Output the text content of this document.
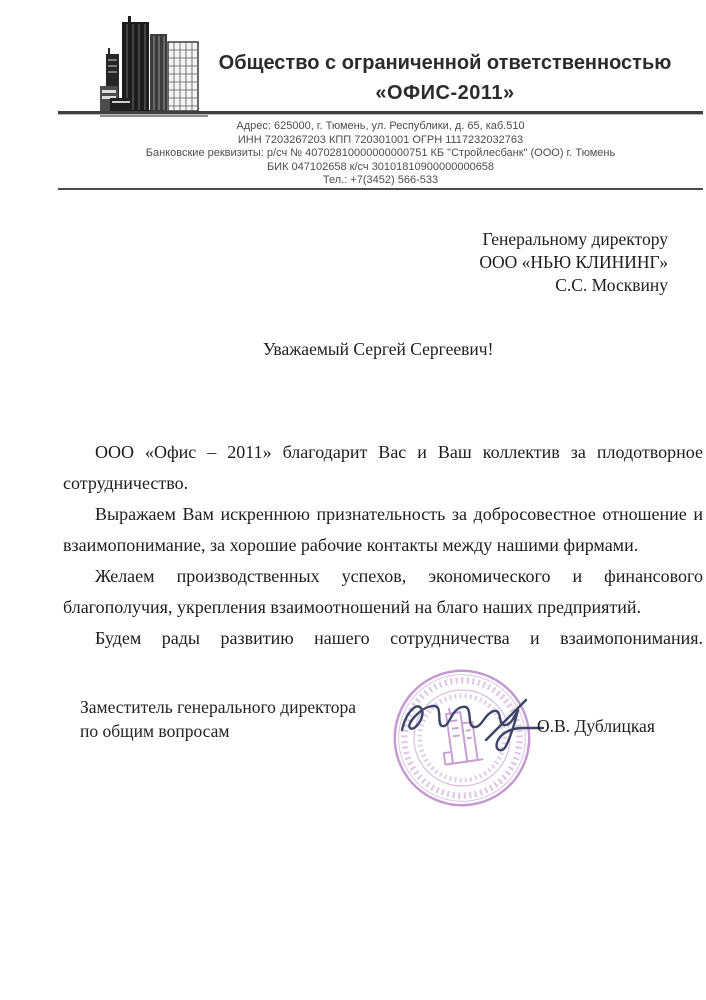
Общество с ограниченной ответственностью
«ОФИС-2011»
Адрес: 625000, г. Тюмень, ул. Республики, д. 65, каб.510
ИНН 7203267203 КПП 720301001 ОГРН 1117232032763
Банковские реквизиты: р/сч № 40702810000000000751 КБ "Стройлесбанк" (ООО) г. Тюмень
БИК 047102658 к/сч 30101810900000000658
Тел.: +7(3452) 566-533
Генеральному директору
ООО «НЬЮ КЛИНИНГ»
С.С. Москвину
Уважаемый Сергей Сергеевич!

ООО «Офис – 2011» благодарит Вас и Ваш коллектив за плодотворное сотрудничество.

Выражаем Вам искреннюю признательность за добросовестное отношение и взаимопонимание, за хорошие рабочие контакты между нашими фирмами.

Желаем производственных успехов, экономического и финансового благополучия, укрепления взаимоотношений на благо наших предприятий.

Будем рады развитию нашего сотрудничества и взаимопонимания.

Заместитель генерального директора
по общим вопросам	О.В. Дублицкая
